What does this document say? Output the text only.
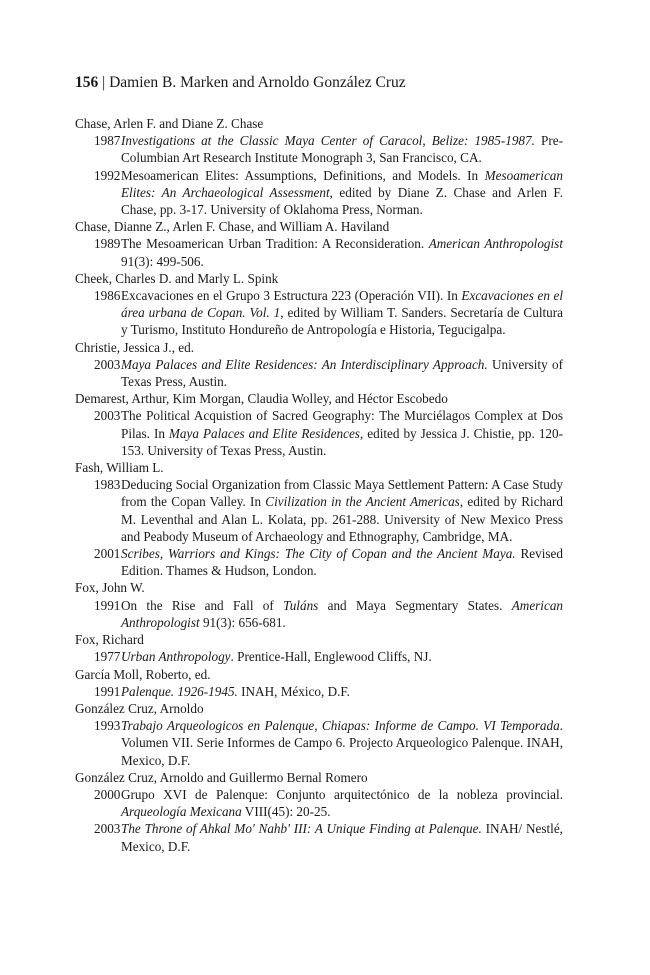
156 | Damien B. Marken and Arnoldo González Cruz
Chase, Arlen F. and Diane Z. Chase
1987 Investigations at the Classic Maya Center of Caracol, Belize: 1985-1987. Pre-Columbian Art Research Institute Monograph 3, San Francisco, CA.
1992 Mesoamerican Elites: Assumptions, Definitions, and Models. In Mesoamerican Elites: An Archaeological Assessment, edited by Diane Z. Chase and Arlen F. Chase, pp. 3-17. University of Oklahoma Press, Norman.
Chase, Dianne Z., Arlen F. Chase, and William A. Haviland
1989 The Mesoamerican Urban Tradition: A Reconsideration. American Anthropologist 91(3): 499-506.
Cheek, Charles D. and Marly L. Spink
1986 Excavaciones en el Grupo 3 Estructura 223 (Operación VII). In Excavaciones en el área urbana de Copan. Vol. 1, edited by William T. Sanders. Secretaría de Cultura y Turismo, Instituto Hondureño de Antropología e Historia, Tegucigalpa.
Christie, Jessica J., ed.
2003 Maya Palaces and Elite Residences: An Interdisciplinary Approach. University of Texas Press, Austin.
Demarest, Arthur, Kim Morgan, Claudia Wolley, and Héctor Escobedo
2003 The Political Acquistion of Sacred Geography: The Murciélagos Complex at Dos Pilas. In Maya Palaces and Elite Residences, edited by Jessica J. Chistie, pp. 120-153. University of Texas Press, Austin.
Fash, William L.
1983 Deducing Social Organization from Classic Maya Settlement Pattern: A Case Study from the Copan Valley. In Civilization in the Ancient Americas, edited by Richard M. Leventhal and Alan L. Kolata, pp. 261-288. University of New Mexico Press and Peabody Museum of Archaeology and Ethnography, Cambridge, MA.
2001 Scribes, Warriors and Kings: The City of Copan and the Ancient Maya. Revised Edition. Thames & Hudson, London.
Fox, John W.
1991 On the Rise and Fall of Tuláns and Maya Segmentary States. American Anthropologist 91(3): 656-681.
Fox, Richard
1977 Urban Anthropology. Prentice-Hall, Englewood Cliffs, NJ.
García Moll, Roberto, ed.
1991 Palenque. 1926-1945. INAH, México, D.F.
González Cruz, Arnoldo
1993 Trabajo Arqueologicos en Palenque, Chiapas: Informe de Campo. VI Temporada. Volumen VII. Serie Informes de Campo 6. Projecto Arqueologico Palenque. INAH, Mexico, D.F.
González Cruz, Arnoldo and Guillermo Bernal Romero
2000 Grupo XVI de Palenque: Conjunto arquitectónico de la nobleza provincial. Arqueología Mexicana VIII(45): 20-25.
2003 The Throne of Ahkal Mo' Nahb' III: A Unique Finding at Palenque. INAH/ Nestlé, Mexico, D.F.
